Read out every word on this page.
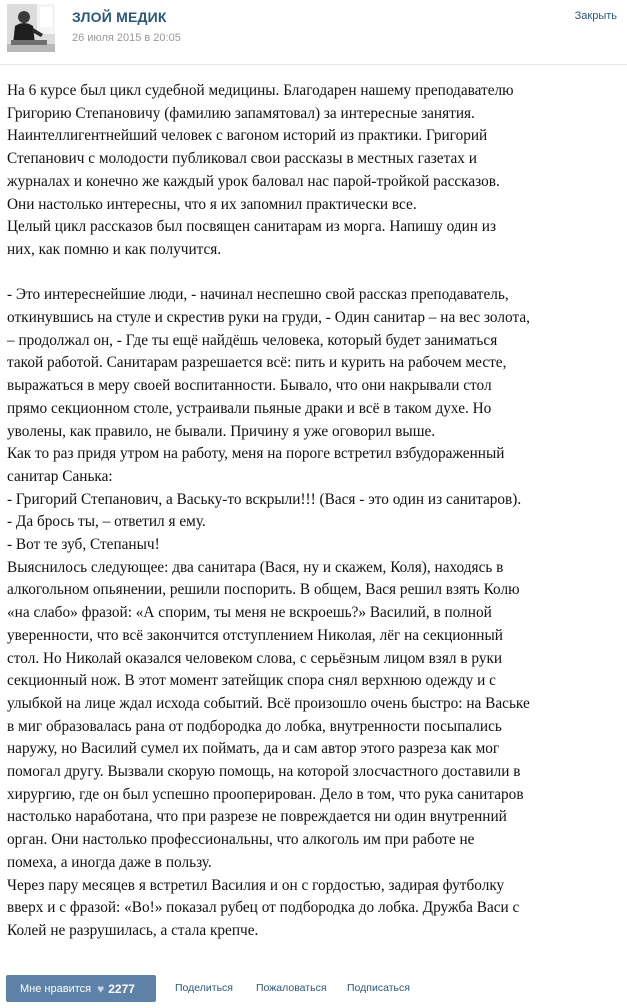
ЗЛОЙ МЕДИК
26 июля 2015 в 20:05
Закрыть

На 6 курсе был цикл судебной медицины. Благодарен нашему преподавателю

Григорию Степановичу (фамилию запамятовал) за интересные занятия.

Наинтеллигентнейший человек с вагоном историй из практики. Григорий

Степанович с молодости публиковал свои рассказы в местных газетах и

журналах и конечно же каждый урок баловал нас парой-тройкой рассказов.

Они настолько интересны, что я их запомнил практически все.

Целый цикл рассказов был посвящен санитарам из морга. Напишу один из

них, как помню и как получится.

- Это интереснейшие люди, - начинал неспешно свой рассказ преподаватель,

откинувшись на стуле и скрестив руки на груди, - Один санитар – на вес золота,

– продолжал он, - Где ты ещё найдёшь человека, который будет заниматься

такой работой. Санитарам разрешается всё: пить и курить на рабочем месте,

выражаться в меру своей воспитанности. Бывало, что они накрывали стол

прямо секционном столе, устраивали пьяные драки и всё в таком духе. Но

уволены, как правило, не бывали. Причину я уже оговорил выше.

Как то раз придя утром на работу, меня на пороге встретил взбудораженный

санитар Санька:

- Григорий Степанович, а Ваську-то вскрыли!!! (Вася - это один из санитаров).

- Да брось ты, – ответил я ему.

- Вот те зуб, Степаныч!

Выяснилось следующее: два санитара (Вася, ну и скажем, Коля), находясь в

алкогольном опьянении, решили поспорить. В общем, Вася решил взять Колю

«на слабо» фразой: «А спорим, ты меня не вскроешь?» Василий, в полной

уверенности, что всё закончится отступлением Николая, лёг на секционный

стол. Но Николай оказался человеком слова, с серьёзным лицом взял в руки

секционный нож. В этот момент затейщик спора снял верхнюю одежду и с

улыбкой на лице ждал исхода событий. Всё произошло очень быстро: на Ваське

в миг образовалась рана от подбородка до лобка, внутренности посыпались

наружу, но Василий сумел их поймать, да и сам автор этого разреза как мог

помогал другу. Вызвали скорую помощь, на которой злосчастного доставили в

хирургию, где он был успешно прооперирован. Дело в том, что рука санитаров

настолько наработана, что при разрезе не повреждается ни один внутренний

орган. Они настолько профессиональны, что алкоголь им при работе не

помеха, а иногда даже в пользу.

Через пару месяцев я встретил Василия и он с гордостью, задирая футболку

вверх и с фразой: «Во!» показал рубец от подбородка до лобка. Дружба Васи с

Колей не разрушилась, а стала крепче.

Мне нравится ♥ 2277	Поделиться Пожаловаться Подписаться
